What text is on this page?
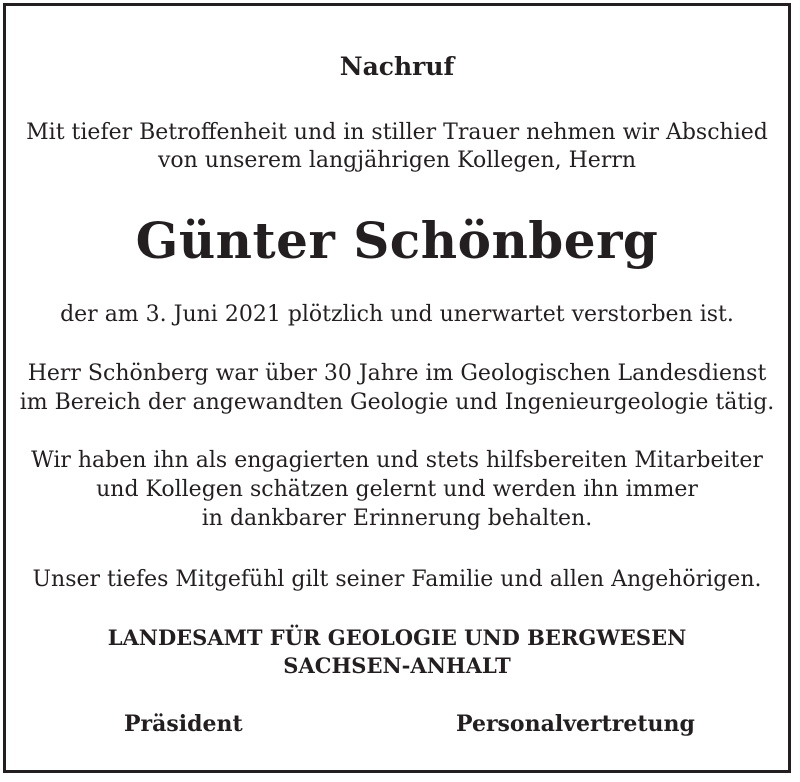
Nachruf
Mit tiefer Betroffenheit und in stiller Trauer nehmen wir Abschied
von unserem langjährigen Kollegen, Herrn
Günter Schönberg
der am 3. Juni 2021 plötzlich und unerwartet verstorben ist.
Herr Schönberg war über 30 Jahre im Geologischen Landesdienst
im Bereich der angewandten Geologie und Ingenieurgeologie tätig.
Wir haben ihn als engagierten und stets hilfsbereiten Mitarbeiter
und Kollegen schätzen gelernt und werden ihn immer
in dankbarer Erinnerung behalten.
Unser tiefes Mitgefühl gilt seiner Familie und allen Angehörigen.
LANDESAMT FÜR GEOLOGIE UND BERGWESEN
SACHSEN-ANHALT
Präsident	Personalvertretung
